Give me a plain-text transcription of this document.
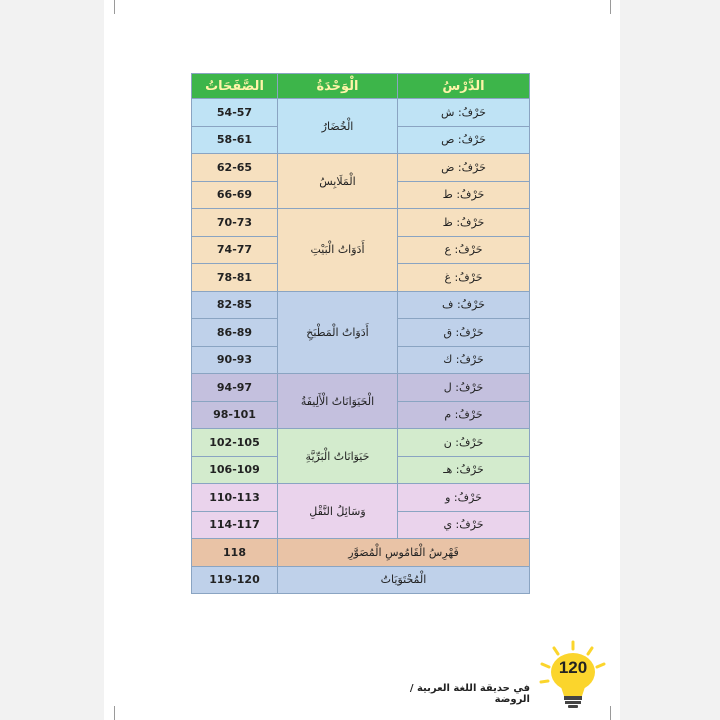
الدَّرْسُ	الْوَحْدَةُ	الصَّفَحَاتُ
حَرْفُ: ش	الْخُضَارُ	54-57
حَرْفُ: ص		58-61
حَرْفُ: ض	الْمَلَابِسُ	62-65
حَرْفُ: ط		66-69
حَرْفُ: ظ	أَدَوَاتُ الْبَيْتِ	70-73
حَرْفُ: ع		74-77
حَرْفُ: غ		78-81
حَرْفُ: ف	أَدَوَاتُ الْمَطْبَخِ	82-85
حَرْفُ: ق		86-89
حَرْفُ: ك		90-93
حَرْفُ: ل	الْحَيَوَانَاتُ الْأَلِيفَةُ	94-97
حَرْفُ: م		98-101
حَرْفُ: ن	حَيَوَانَاتُ الْبَرِّيَّةِ	102-105
حَرْفُ: هـ		106-109
حَرْفُ: و	وَسَائِلُ النَّقْلِ	110-113
حَرْفُ: ي		114-117
فَهْرِسُ الْقَامُوسِ الْمُصَوَّرِ		118
الْمُحْتَوَيَاتُ		119-120
في حديقة اللغة العربية / الروضة
120
